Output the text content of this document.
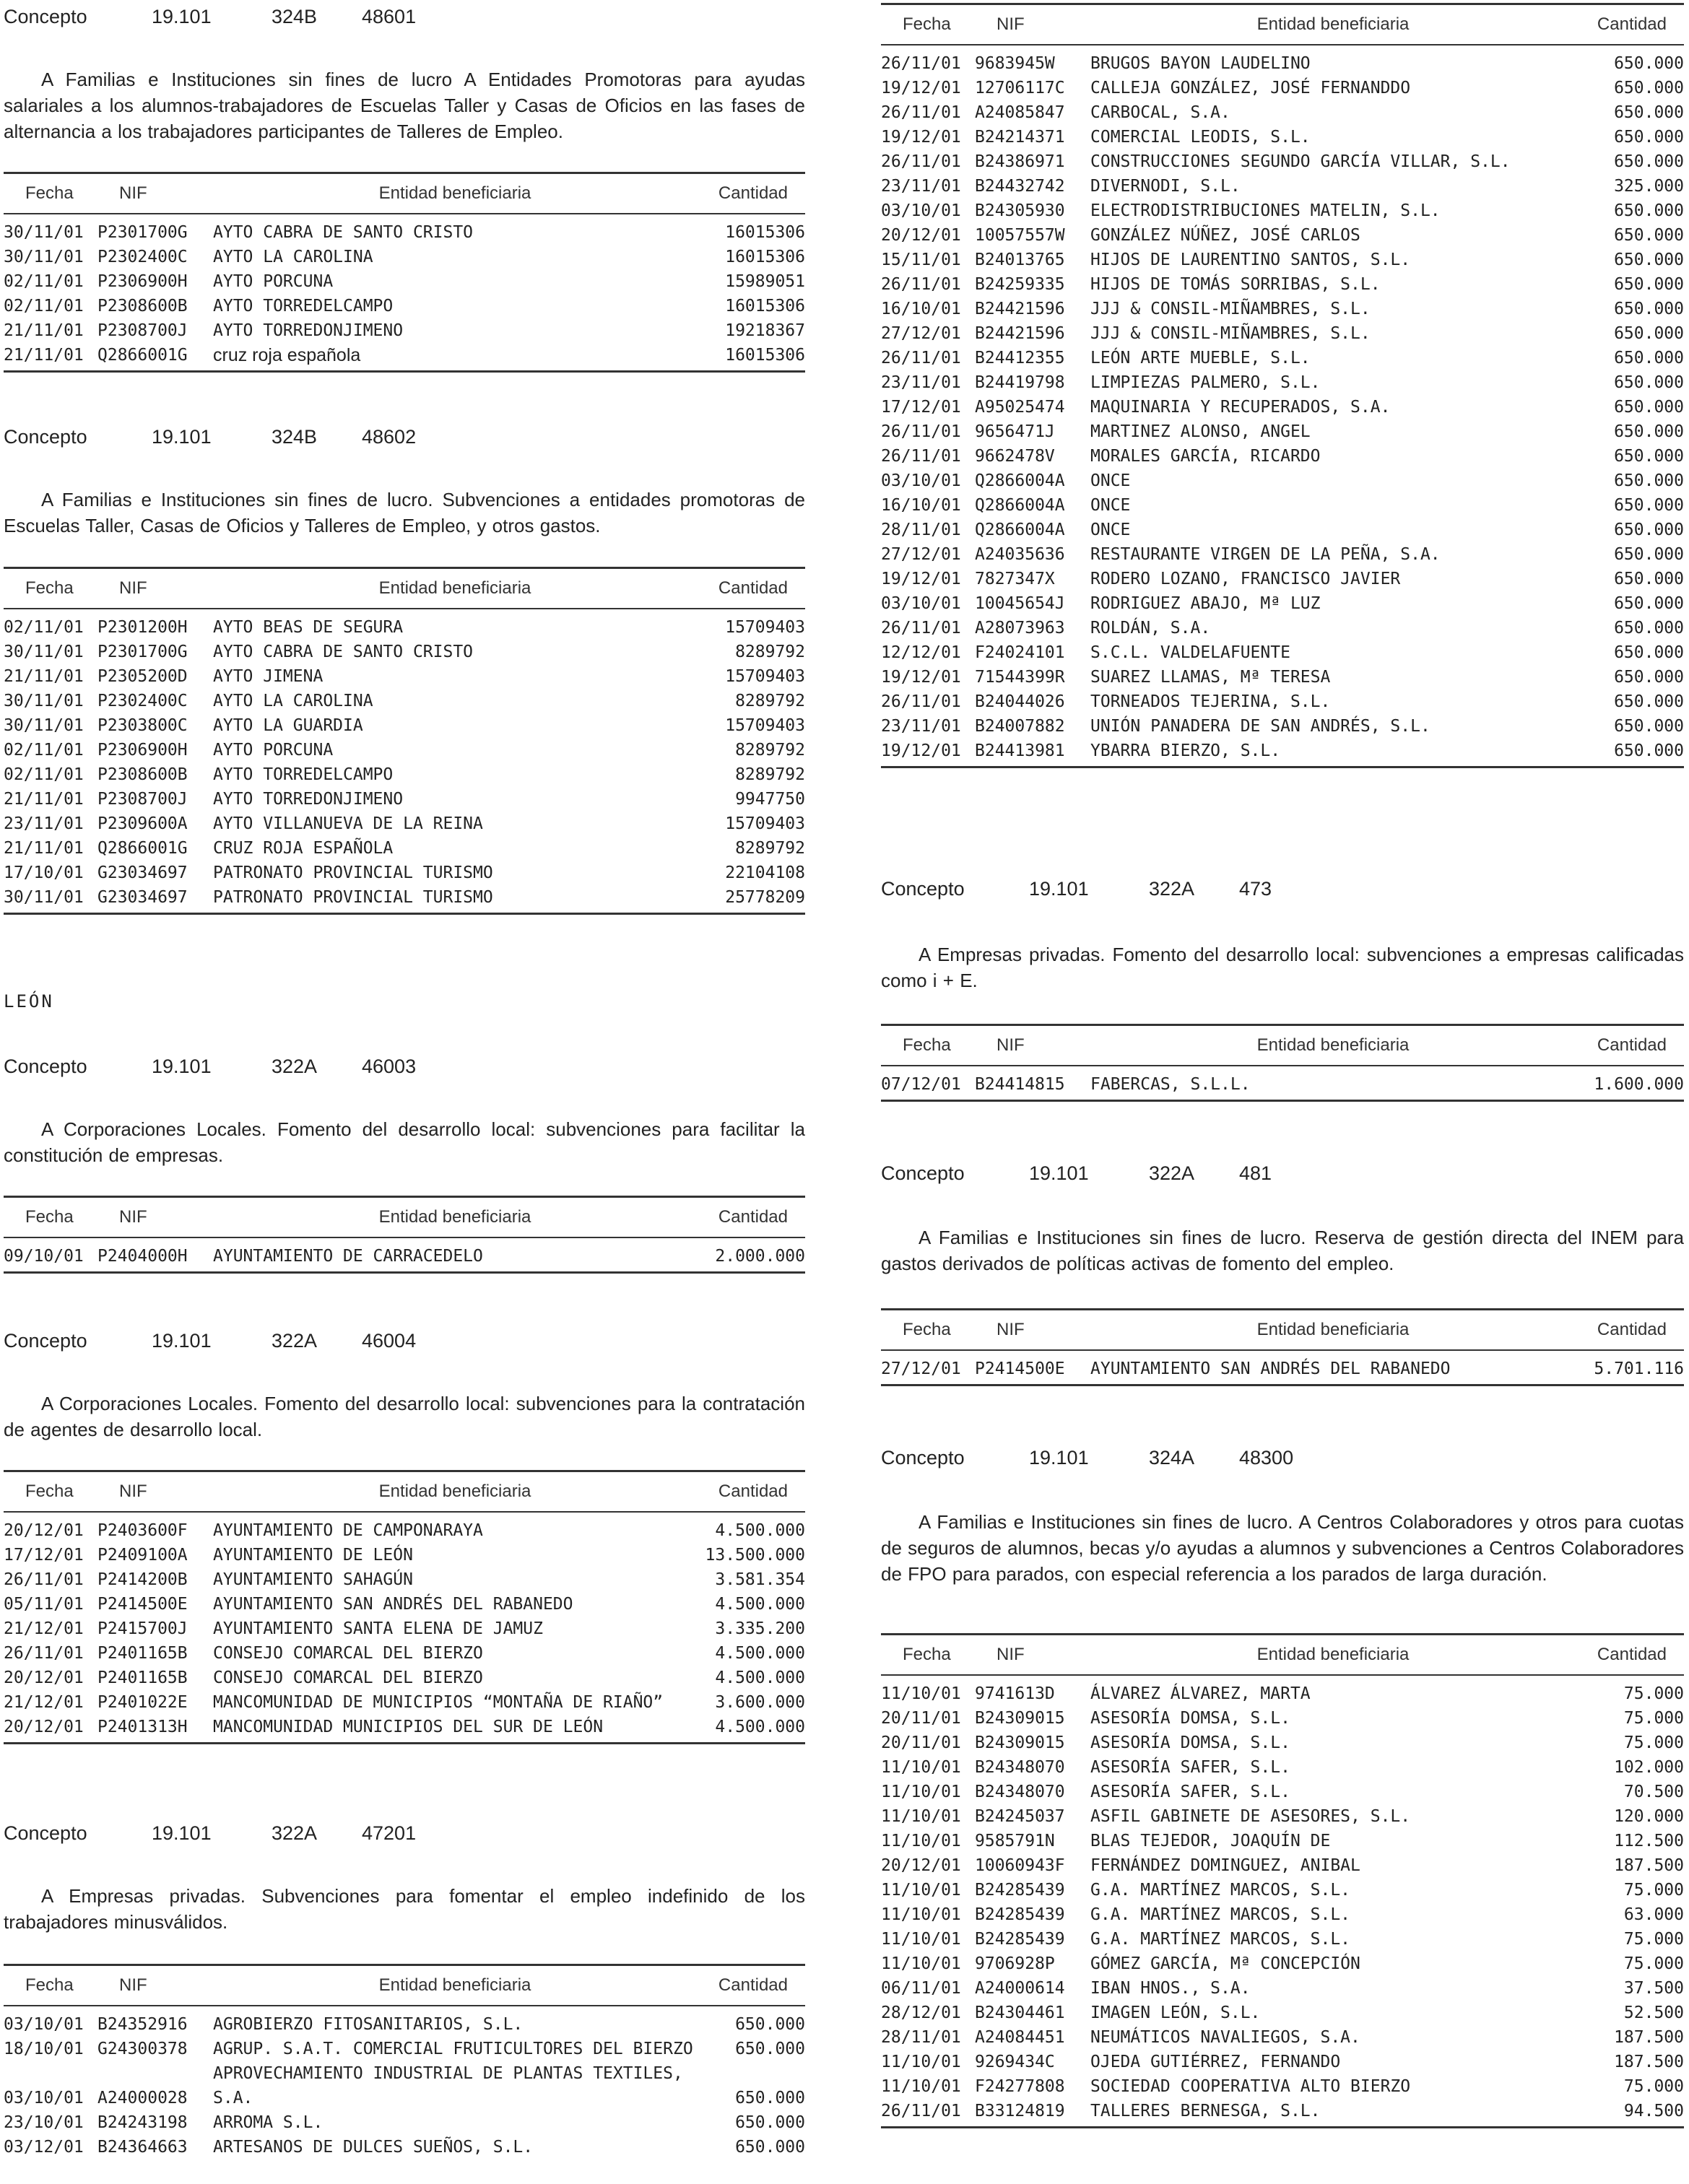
Concepto	19.101	324B 48601
A Familias e Instituciones sin fines de lucro A Entidades Promotoras para ayudas salariales a los alumnos-trabajadores de Escuelas Taller y Casas de Oficios en las fases de alternancia a los trabajadores participantes de Talleres de Empleo.
Fecha	NIF	Entidad beneficiaria	Cantidad
30/11/01	P2301700G	AYTO CABRA DE SANTO CRISTO	16015306
30/11/01	P2302400C	AYTO LA CAROLINA	16015306
02/11/01	P2306900H	AYTO PORCUNA	15989051
02/11/01	P2308600B	AYTO TORREDELCAMPO	16015306
21/11/01	P2308700J	AYTO TORREDONJIMENO	19218367
21/11/01	Q2866001G	cruz roja española	16015306
Concepto	19.101	324B 48602
A Familias e Instituciones sin fines de lucro. Subvenciones a entidades promotoras de Escuelas Taller, Casas de Oficios y Talleres de Empleo, y otros gastos.
Fecha	NIF	Entidad beneficiaria	Cantidad
02/11/01	P2301200H	AYTO BEAS DE SEGURA	15709403
30/11/01	P2301700G	AYTO CABRA DE SANTO CRISTO	8289792
21/11/01	P2305200D	AYTO JIMENA	15709403
30/11/01	P2302400C	AYTO LA CAROLINA	8289792
30/11/01	P2303800C	AYTO LA GUARDIA	15709403
02/11/01	P2306900H	AYTO PORCUNA	8289792
02/11/01	P2308600B	AYTO TORREDELCAMPO	8289792
21/11/01	P2308700J	AYTO TORREDONJIMENO	9947750
23/11/01	P2309600A	AYTO VILLANUEVA DE LA REINA	15709403
21/11/01	Q2866001G	CRUZ ROJA ESPAÑOLA	8289792
17/10/01	G23034697	PATRONATO PROVINCIAL TURISMO	22104108
30/11/01	G23034697	PATRONATO PROVINCIAL TURISMO	25778209
LEÓN
Concepto	19.101	322A 46003
A Corporaciones Locales. Fomento del desarrollo local: subvenciones para facilitar la constitución de empresas.
Fecha	NIF	Entidad beneficiaria	Cantidad
09/10/01	P2404000H	AYUNTAMIENTO DE CARRACEDELO	2.000.000
Concepto	19.101	322A 46004
A Corporaciones Locales. Fomento del desarrollo local: subvenciones para la contratación de agentes de desarrollo local.
Fecha	NIF	Entidad beneficiaria	Cantidad
20/12/01	P2403600F	AYUNTAMIENTO DE CAMPONARAYA	4.500.000
17/12/01	P2409100A	AYUNTAMIENTO DE LEÓN	13.500.000
26/11/01	P2414200B	AYUNTAMIENTO SAHAGÚN	3.581.354
05/11/01	P2414500E	AYUNTAMIENTO SAN ANDRÉS DEL RABANEDO	4.500.000
21/12/01	P2415700J	AYUNTAMIENTO SANTA ELENA DE JAMUZ	3.335.200
26/11/01	P2401165B	CONSEJO COMARCAL DEL BIERZO	4.500.000
20/12/01	P2401165B	CONSEJO COMARCAL DEL BIERZO	4.500.000
21/12/01	P2401022E	MANCOMUNIDAD DE MUNICIPIOS “MONTAÑA DE RIAÑO”	3.600.000
20/12/01	P2401313H	MANCOMUNIDAD MUNICIPIOS DEL SUR DE LEÓN	4.500.000
Concepto	19.101	322A 47201
A Empresas privadas. Subvenciones para fomentar el empleo indefinido de los trabajadores minusválidos.
Fecha	NIF	Entidad beneficiaria	Cantidad
03/10/01	B24352916	AGROBIERZO FITOSANITARIOS, S.L.	650.000
18/10/01	G24300378	AGRUP. S.A.T. COMERCIAL FRUTICULTORES DEL BIERZO	650.000
03/10/01	A24000028	APROVECHAMIENTO INDUSTRIAL DE PLANTAS TEXTILES, S.A.	650.000
23/10/01	B24243198	ARROMA S.L.	650.000
03/12/01	B24364663	ARTESANOS DE DULCES SUEÑOS, S.L.	650.000
Fecha	NIF	Entidad beneficiaria	Cantidad
26/11/01	9683945W	BRUGOS BAYON LAUDELINO	650.000
19/12/01	12706117C	CALLEJA GONZÁLEZ, JOSÉ FERNANDDO	650.000
26/11/01	A24085847	CARBOCAL, S.A.	650.000
19/12/01	B24214371	COMERCIAL LEODIS, S.L.	650.000
26/11/01	B24386971	CONSTRUCCIONES SEGUNDO GARCÍA VILLAR, S.L.	650.000
23/11/01	B24432742	DIVERNODI, S.L.	325.000
03/10/01	B24305930	ELECTRODISTRIBUCIONES MATELIN, S.L.	650.000
20/12/01	10057557W	GONZÁLEZ NÚÑEZ, JOSÉ CARLOS	650.000
15/11/01	B24013765	HIJOS DE LAURENTINO SANTOS, S.L.	650.000
26/11/01	B24259335	HIJOS DE TOMÁS SORRIBAS, S.L.	650.000
16/10/01	B24421596	JJJ & CONSIL-MIÑAMBRES, S.L.	650.000
27/12/01	B24421596	JJJ & CONSIL-MIÑAMBRES, S.L.	650.000
26/11/01	B24412355	LEÓN ARTE MUEBLE, S.L.	650.000
23/11/01	B24419798	LIMPIEZAS PALMERO, S.L.	650.000
17/12/01	A95025474	MAQUINARIA Y RECUPERADOS, S.A.	650.000
26/11/01	9656471J	MARTINEZ ALONSO, ANGEL	650.000
26/11/01	9662478V	MORALES GARCÍA, RICARDO	650.000
03/10/01	Q2866004A	ONCE	650.000
16/10/01	Q2866004A	ONCE	650.000
28/11/01	Q2866004A	ONCE	650.000
27/12/01	A24035636	RESTAURANTE VIRGEN DE LA PEÑA, S.A.	650.000
19/12/01	7827347X	RODERO LOZANO, FRANCISCO JAVIER	650.000
03/10/01	10045654J	RODRIGUEZ ABAJO, Mª LUZ	650.000
26/11/01	A28073963	ROLDÁN, S.A.	650.000
12/12/01	F24024101	S.C.L. VALDELAFUENTE	650.000
19/12/01	71544399R	SUAREZ LLAMAS, Mª TERESA	650.000
26/11/01	B24044026	TORNEADOS TEJERINA, S.L.	650.000
23/11/01	B24007882	UNIÓN PANADERA DE SAN ANDRÉS, S.L.	650.000
19/12/01	B24413981	YBARRA BIERZO, S.L.	650.000
Concepto	19.101	322A 473
A Empresas privadas. Fomento del desarrollo local: subvenciones a empresas calificadas como i + E.
Fecha	NIF	Entidad beneficiaria	Cantidad
07/12/01	B24414815	FABERCAS, S.L.L.	1.600.000
Concepto	19.101	322A 481
A Familias e Instituciones sin fines de lucro. Reserva de gestión directa del INEM para gastos derivados de políticas activas de fomento del empleo.
Fecha	NIF	Entidad beneficiaria	Cantidad
27/12/01	P2414500E	AYUNTAMIENTO SAN ANDRÉS DEL RABANEDO	5.701.116
Concepto	19.101	324A 48300
A Familias e Instituciones sin fines de lucro. A Centros Colaboradores y otros para cuotas de seguros de alumnos, becas y/o ayudas a alumnos y subvenciones a Centros Colaboradores de FPO para parados, con especial referencia a los parados de larga duración.
Fecha	NIF	Entidad beneficiaria	Cantidad
11/10/01	9741613D	ÁLVAREZ ÁLVAREZ, MARTA	75.000
20/11/01	B24309015	ASESORÍA DOMSA, S.L.	75.000
20/11/01	B24309015	ASESORÍA DOMSA, S.L.	75.000
11/10/01	B24348070	ASESORÍA SAFER, S.L.	102.000
11/10/01	B24348070	ASESORÍA SAFER, S.L.	70.500
11/10/01	B24245037	ASFIL GABINETE DE ASESORES, S.L.	120.000
11/10/01	9585791N	BLAS TEJEDOR, JOAQUÍN DE	112.500
20/12/01	10060943F	FERNÁNDEZ DOMINGUEZ, ANIBAL	187.500
11/10/01	B24285439	G.A. MARTÍNEZ MARCOS, S.L.	75.000
11/10/01	B24285439	G.A. MARTÍNEZ MARCOS, S.L.	63.000
11/10/01	B24285439	G.A. MARTÍNEZ MARCOS, S.L.	75.000
11/10/01	9706928P	GÓMEZ GARCÍA, Mª CONCEPCIÓN	75.000
06/11/01	A24000614	IBAN HNOS., S.A.	37.500
28/12/01	B24304461	IMAGEN LEÓN, S.L.	52.500
28/11/01	A24084451	NEUMÁTICOS NAVALIEGOS, S.A.	187.500
11/10/01	9269434C	OJEDA GUTIÉRREZ, FERNANDO	187.500
11/10/01	F24277808	SOCIEDAD COOPERATIVA ALTO BIERZO	75.000
26/11/01	B33124819	TALLERES BERNESGA, S.L.	94.500
